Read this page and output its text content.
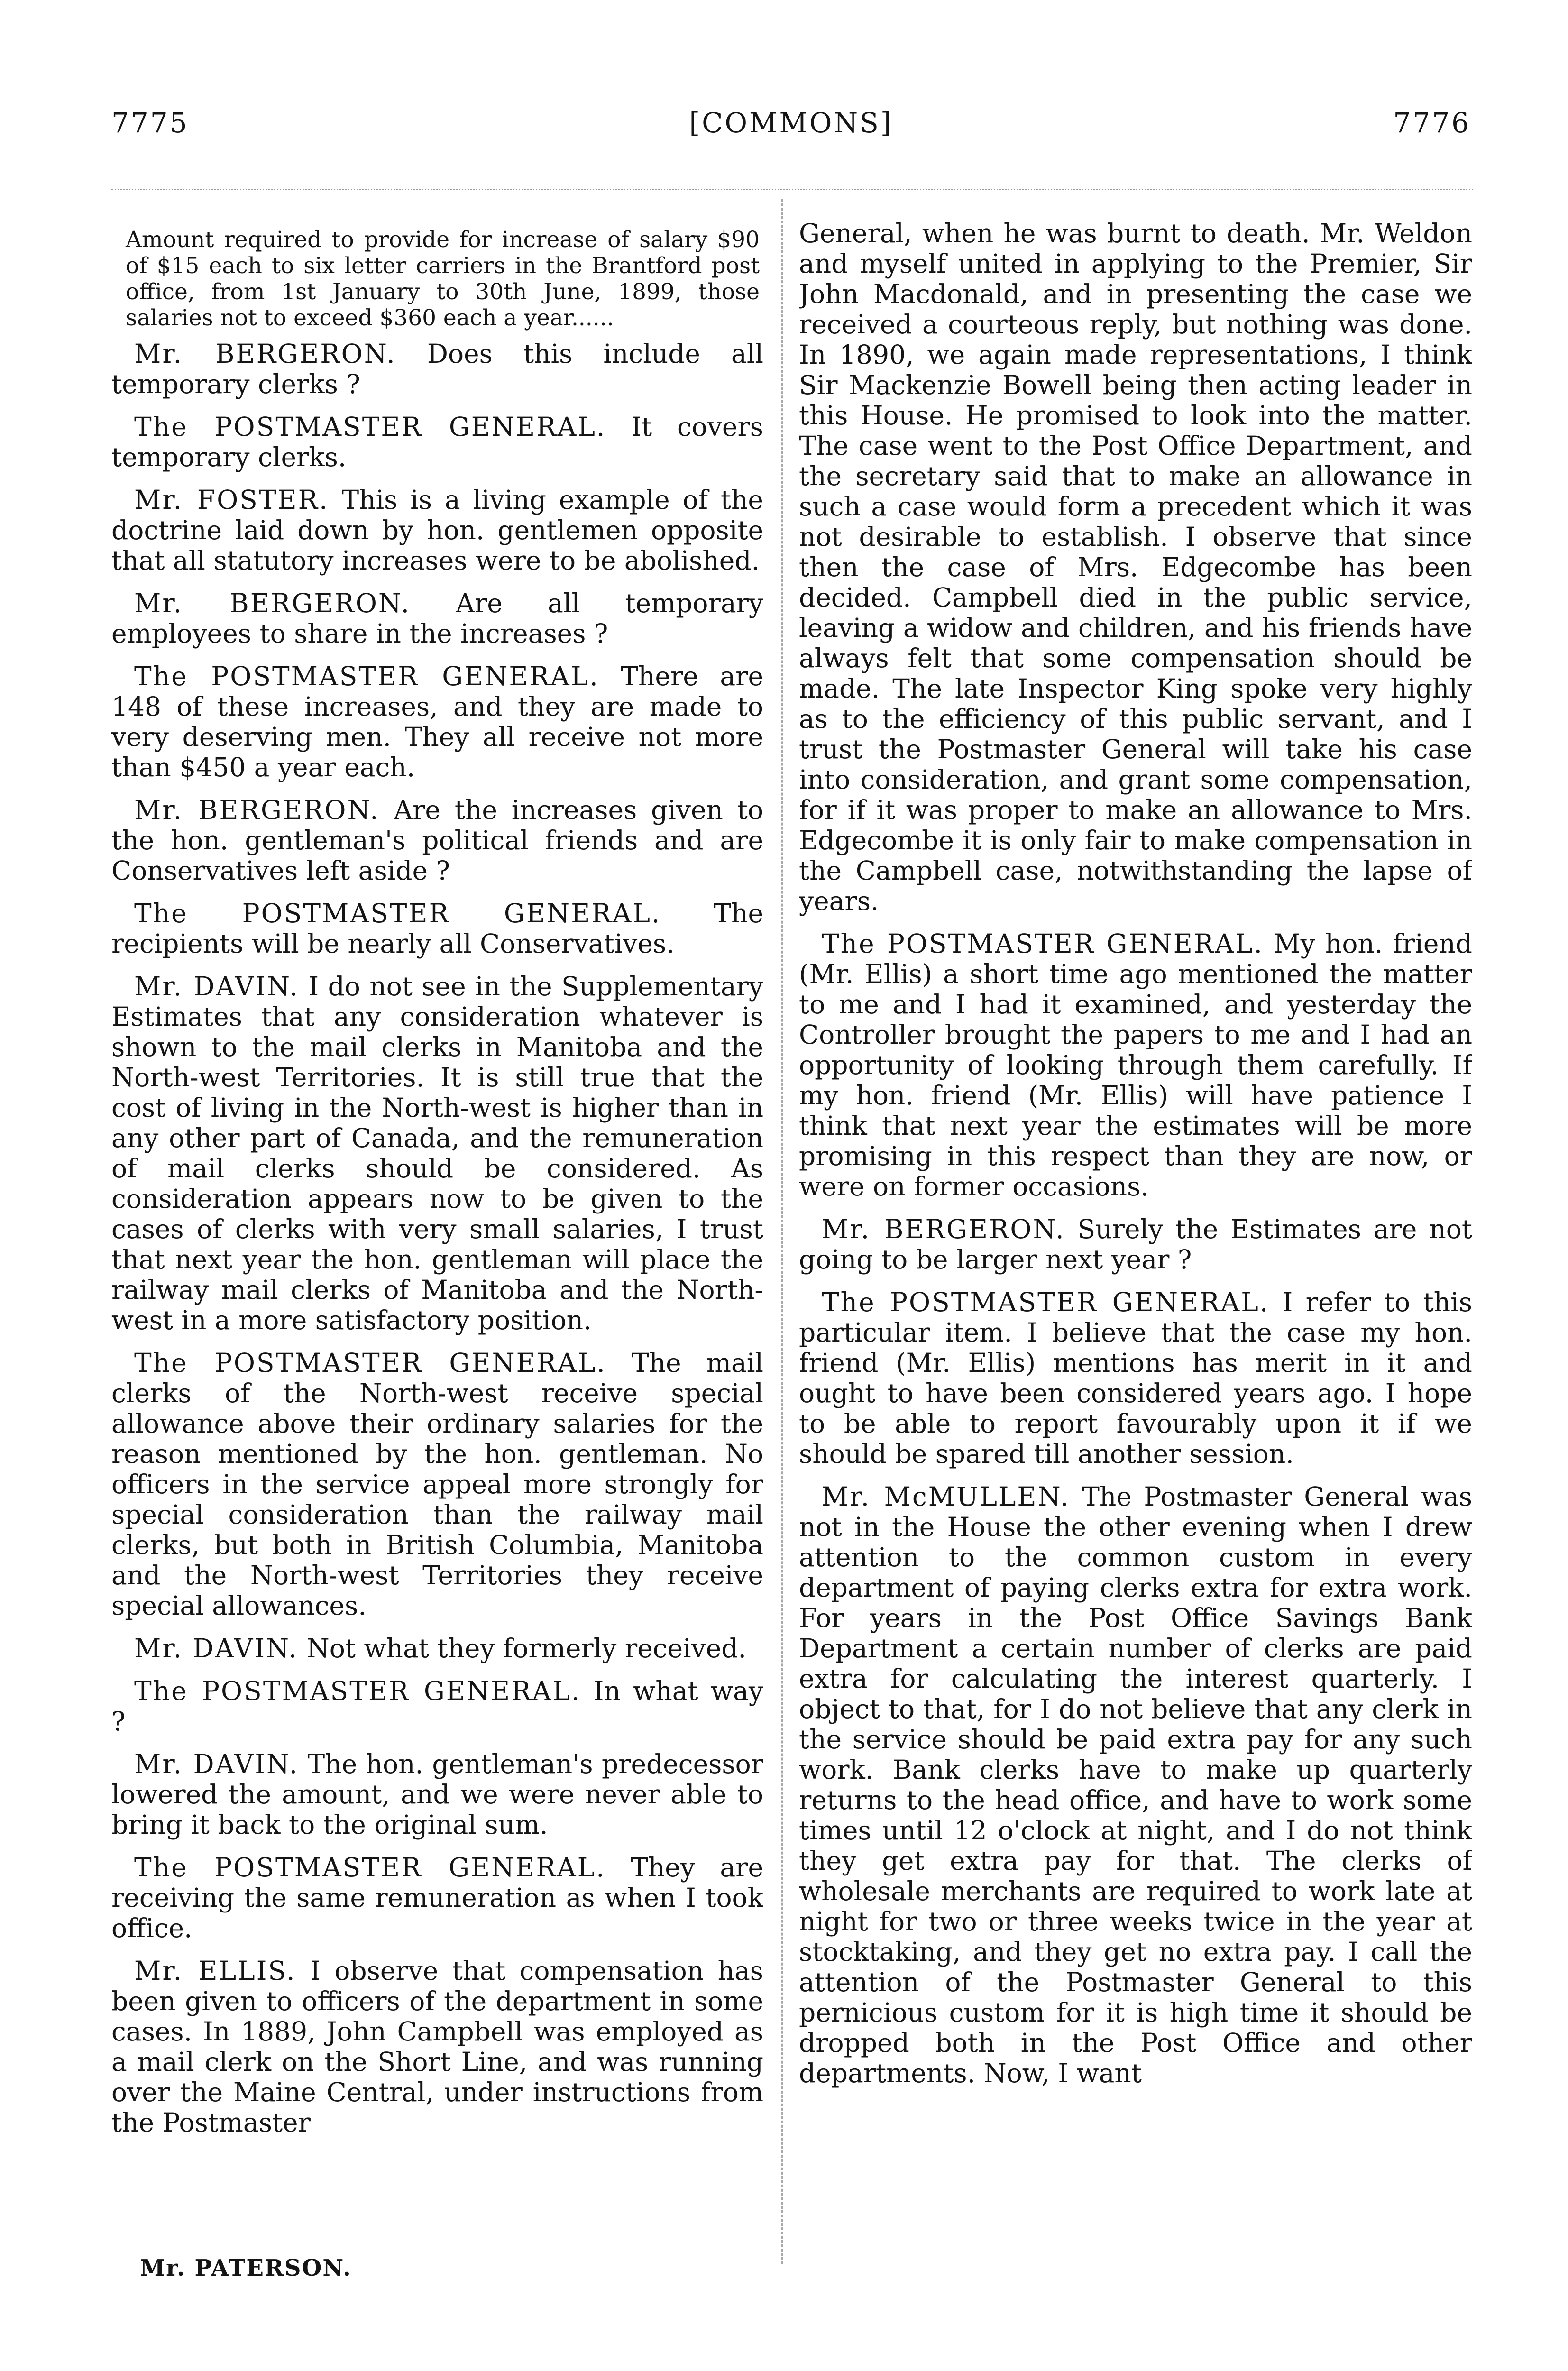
7775	[COMMONS]	7776

$90
Amount required to provide for increase of salary of $15 each to six letter carriers in the Brantford post office, from 1st January to 30th June, 1899, those salaries not to exceed $360 each a year......

Mr. BERGERON. Does this include all temporary clerks ?

The POSTMASTER GENERAL. It covers temporary clerks.

Mr. FOSTER. This is a living example of the doctrine laid down by hon. gentlemen opposite that all statutory increases were to be abolished.

Mr. BERGERON. Are all temporary employees to share in the increases ?

The POSTMASTER GENERAL. There are 148 of these increases, and they are made to very deserving men. They all receive not more than $450 a year each.

Mr. BERGERON. Are the increases given to the hon. gentleman's political friends and are Conservatives left aside ?

The POSTMASTER GENERAL. The recipients will be nearly all Conservatives.

Mr. DAVIN. I do not see in the Supplementary Estimates that any consideration whatever is shown to the mail clerks in Manitoba and the North-west Territories. It is still true that the cost of living in the North-west is higher than in any other part of Canada, and the remuneration of mail clerks should be considered. As consideration appears now to be given to the cases of clerks with very small salaries, I trust that next year the hon. gentleman will place the railway mail clerks of Manitoba and the North-west in a more satisfactory position.

The POSTMASTER GENERAL. The mail clerks of the North-west receive special allowance above their ordinary salaries for the reason mentioned by the hon. gentleman. No officers in the service appeal more strongly for special consideration than the railway mail clerks, but both in British Columbia, Manitoba and the North-west Territories they receive special allowances.

Mr. DAVIN. Not what they formerly received.

The POSTMASTER GENERAL. In what way ?

Mr. DAVIN. The hon. gentleman's predecessor lowered the amount, and we were never able to bring it back to the original sum.

The POSTMASTER GENERAL. They are receiving the same remuneration as when I took office.

Mr. ELLIS. I observe that compensation has been given to officers of the department in some cases. In 1889, John Campbell was employed as a mail clerk on the Short Line, and was running over the Maine Central, under instructions from the Postmaster

General, when he was burnt to death. Mr. Weldon and myself united in applying to the Premier, Sir John Macdonald, and in presenting the case we received a courteous reply, but nothing was done. In 1890, we again made representations, I think Sir Mackenzie Bowell being then acting leader in this House. He promised to look into the matter. The case went to the Post Office Department, and the secretary said that to make an allowance in such a case would form a precedent which it was not desirable to establish. I observe that since then the case of Mrs. Edgecombe has been decided. Campbell died in the public service, leaving a widow and children, and his friends have always felt that some compensation should be made. The late Inspector King spoke very highly as to the efficiency of this public servant, and I trust the Postmaster General will take his case into consideration, and grant some compensation, for if it was proper to make an allowance to Mrs. Edgecombe it is only fair to make compensation in the Campbell case, notwithstanding the lapse of years.

The POSTMASTER GENERAL. My hon. friend (Mr. Ellis) a short time ago mentioned the matter to me and I had it examined, and yesterday the Controller brought the papers to me and I had an opportunity of looking through them carefully. If my hon. friend (Mr. Ellis) will have patience I think that next year the estimates will be more promising in this respect than they are now, or were on former occasions.

Mr. BERGERON. Surely the Estimates are not going to be larger next year ?

The POSTMASTER GENERAL. I refer to this particular item. I believe that the case my hon. friend (Mr. Ellis) mentions has merit in it and ought to have been considered years ago. I hope to be able to report favourably upon it if we should be spared till another session.

Mr. McMULLEN. The Postmaster General was not in the House the other evening when I drew attention to the common custom in every department of paying clerks extra for extra work. For years in the Post Office Savings Bank Department a certain number of clerks are paid extra for calculating the interest quarterly. I object to that, for I do not believe that any clerk in the service should be paid extra pay for any such work. Bank clerks have to make up quarterly returns to the head office, and have to work some times until 12 o'clock at night, and I do not think they get extra pay for that. The clerks of wholesale merchants are required to work late at night for two or three weeks twice in the year at stocktaking, and they get no extra pay. I call the attention of the Postmaster General to this pernicious custom for it is high time it should be dropped both in the Post Office and other departments. Now, I want

Mr. PATERSON.
